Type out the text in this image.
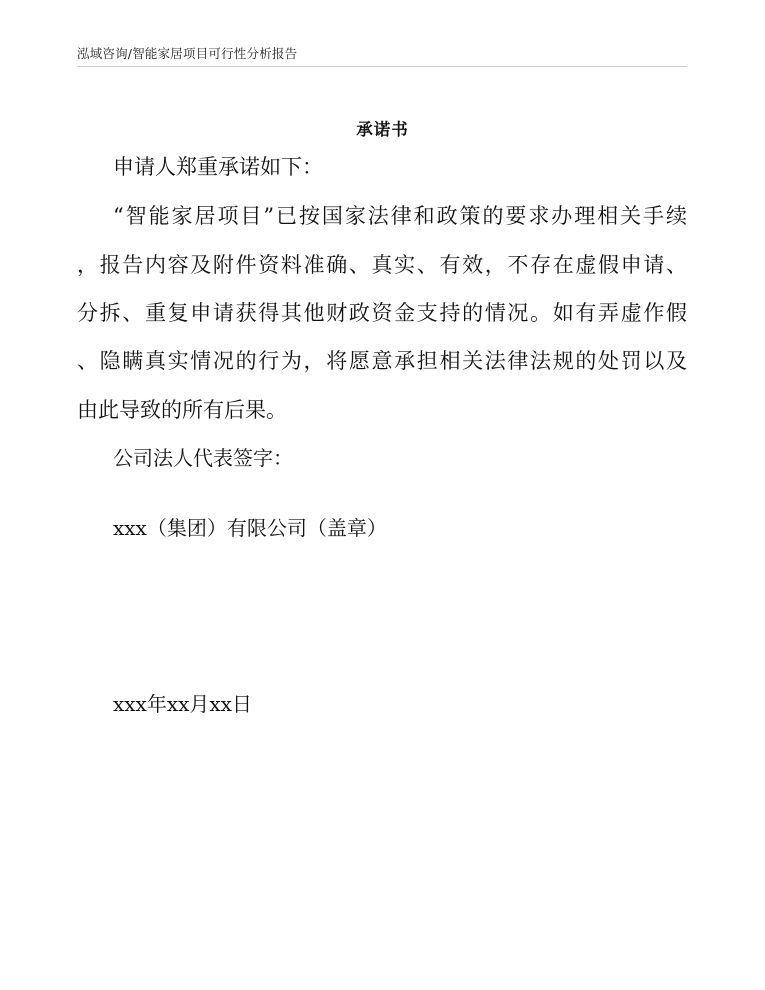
泓域咨询/智能家居项目可行性分析报告
承诺书
申请人郑重承诺如下：
“智能家居项目”已按国家法律和政策的要求办理相关手续
，报告内容及附件资料准确、真实、有效，不存在虚假申请、
分拆、重复申请获得其他财政资金支持的情况。如有弄虚作假
、隐瞒真实情况的行为，将愿意承担相关法律法规的处罚以及
由此导致的所有后果。
公司法人代表签字：
xxx（集团）有限公司（盖章）
xxx年xx月xx日
